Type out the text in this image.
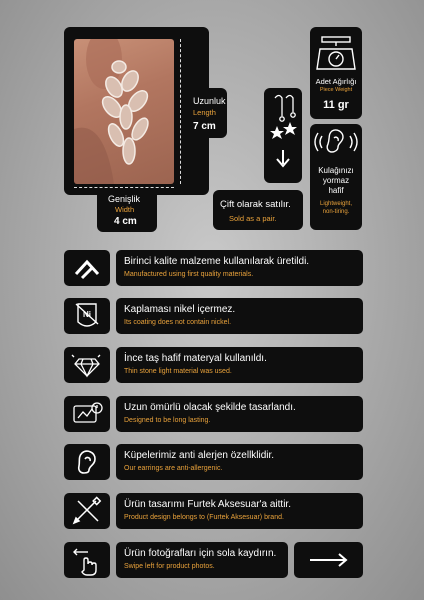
Uzunluk
Length
7 cm
Genişlik
Width
4 cm
Çift olarak satılır.
Sold as a pair.
Adet Ağırlığı
Piece Weight
11 gr
Kulağınızı
yormaz
hafif
Lightweight,
non-tiring.
Birinci kalite malzeme kullanılarak üretildi.
Manufactured using first quality materials.
Ni	Kaplaması nikel içermez.
Its coating does not contain nickel.
İnce taş hafif materyal kullanıldı.
Thin stone light material was used.
Uzun ömürlü olacak şekilde tasarlandı.
Designed to be long lasting.
Küpelerimiz anti alerjen özellklidir.
Our earrings are anti-allergenic.
Ürün tasarımı Furtek Aksesuar'a aittir.
Product design belongs to (Furtek Aksesuar) brand.
Ürün fotoğrafları için sola kaydırın.
Swipe left for product photos.
